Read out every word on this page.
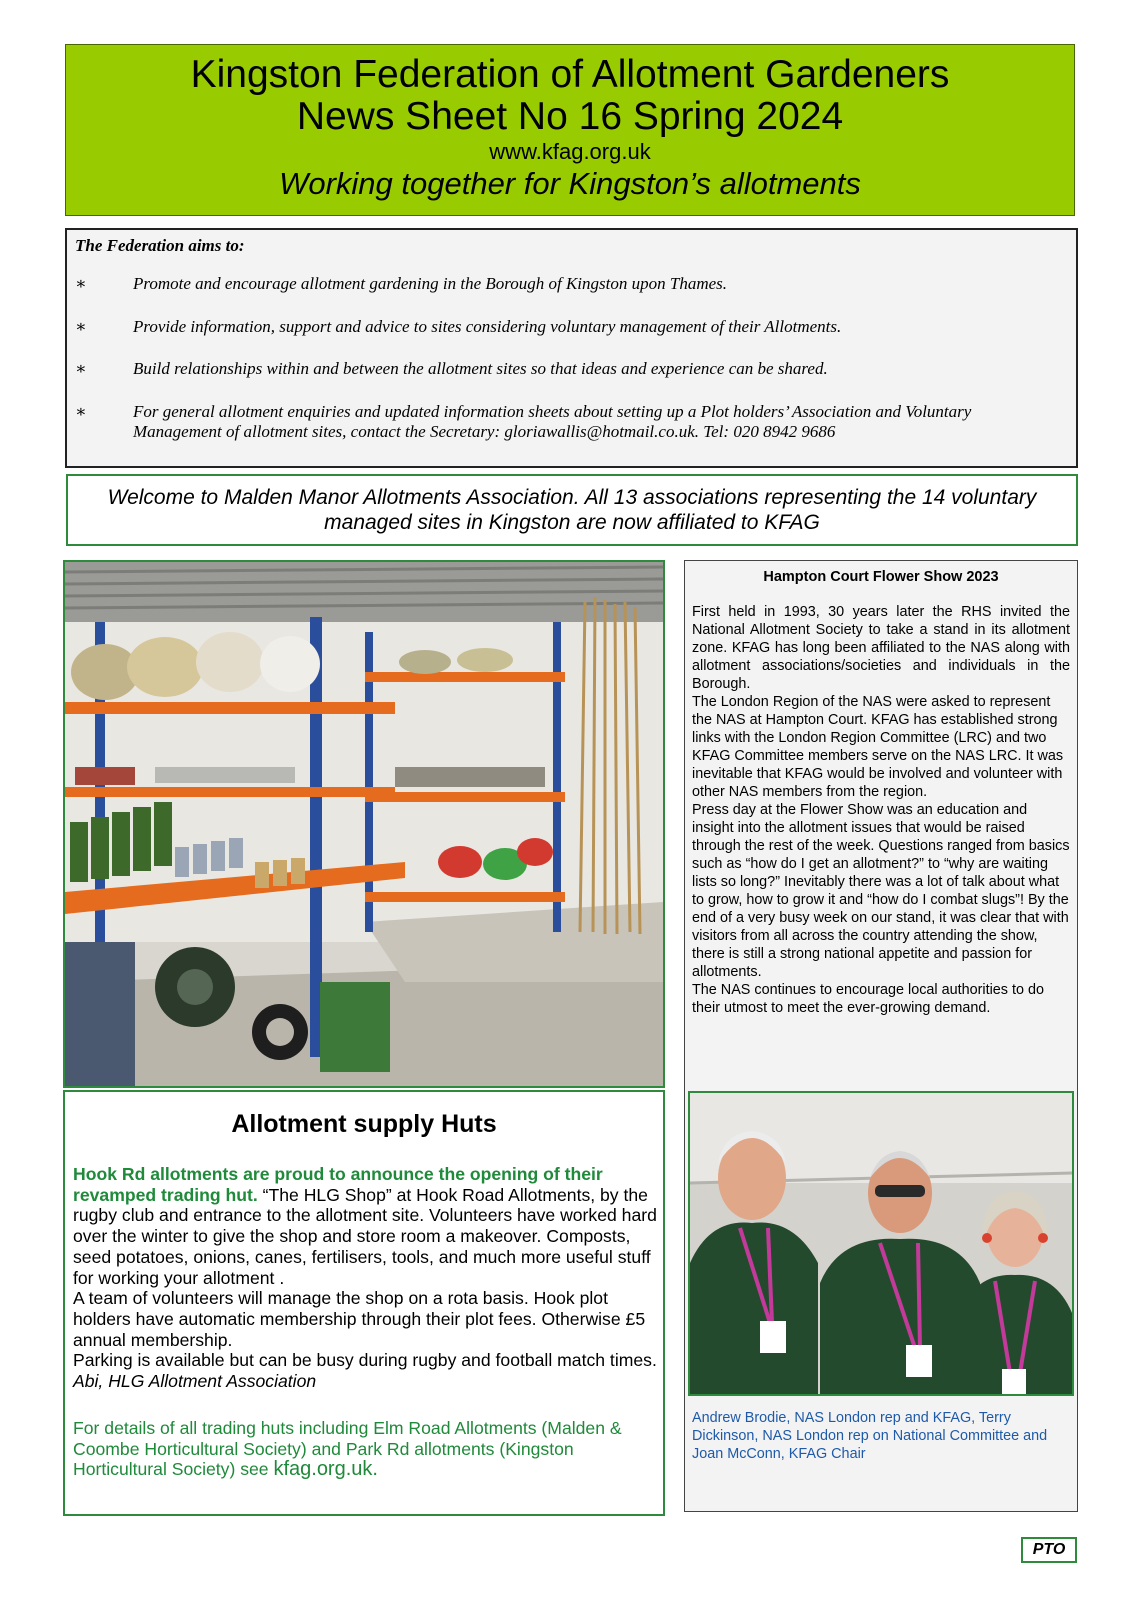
Kingston Federation of Allotment Gardeners
News Sheet No 16 Spring 2024
www.kfag.org.uk
Working together for Kingston’s allotments
The Federation aims to:
∗	Promote and encourage allotment gardening in the Borough of Kingston upon Thames.
∗	Provide information, support and advice to sites considering voluntary management of their Allotments.
∗	Build relationships within and between the allotment sites so that ideas and experience can be shared.
∗	For general allotment enquiries and updated information sheets about setting up a Plot holders’ Association and Voluntary Management of allotment sites, contact the Secretary: gloriawallis@hotmail.co.uk. Tel: 020 8942 9686
Welcome to Malden Manor Allotments Association. All 13 associations representing the 14 voluntary managed sites in Kingston are now affiliated to KFAG
Allotment supply Huts
Hook Rd allotments are proud to announce the opening of their revamped trading hut. “The HLG Shop” at Hook Road Allotments, by the rugby club and entrance to the allotment site. Volunteers have worked hard over the winter to give the shop and store room a makeover. Composts, seed potatoes, onions, canes, fertilisers, tools, and much more useful stuff for working your allotment .
A team of volunteers will manage the shop on a rota basis. Hook plot holders have automatic membership through their plot fees. Otherwise £5 annual membership.
Parking is available but can be busy during rugby and football match times. Abi, HLG Allotment Association
For details of all trading huts including Elm Road Allotments (Malden & Coombe Horticultural Society) and Park Rd allotments (Kingston Horticultural Society) see kfag.org.uk.
Hampton Court Flower Show 2023

First held in 1993, 30 years later the RHS invited the National Allotment Society to take a stand in its allotment zone. KFAG has long been affiliated to the NAS along with allotment associations/societies and individuals in the Borough.

The London Region of the NAS were asked to represent the NAS at Hampton Court. KFAG has established strong links with the London Region Committee (LRC) and two KFAG Committee members serve on the NAS LRC. It was inevitable that KFAG would be involved and volunteer with other NAS members from the region.

Press day at the Flower Show was an education and insight into the allotment issues that would be raised through the rest of the week. Questions ranged from basics such as “how do I get an allotment?” to “why are waiting lists so long?” Inevitably there was a lot of talk about what to grow, how to grow it and “how do I combat slugs”! By the end of a very busy week on our stand, it was clear that with visitors from all across the country attending the show, there is still a strong national appetite and passion for allotments.

The NAS continues to encourage local authorities to do their utmost to meet the ever-growing demand.

Andrew Brodie, NAS London rep and KFAG, Terry Dickinson, NAS London rep on National Committee and Joan McConn, KFAG Chair
PTO
